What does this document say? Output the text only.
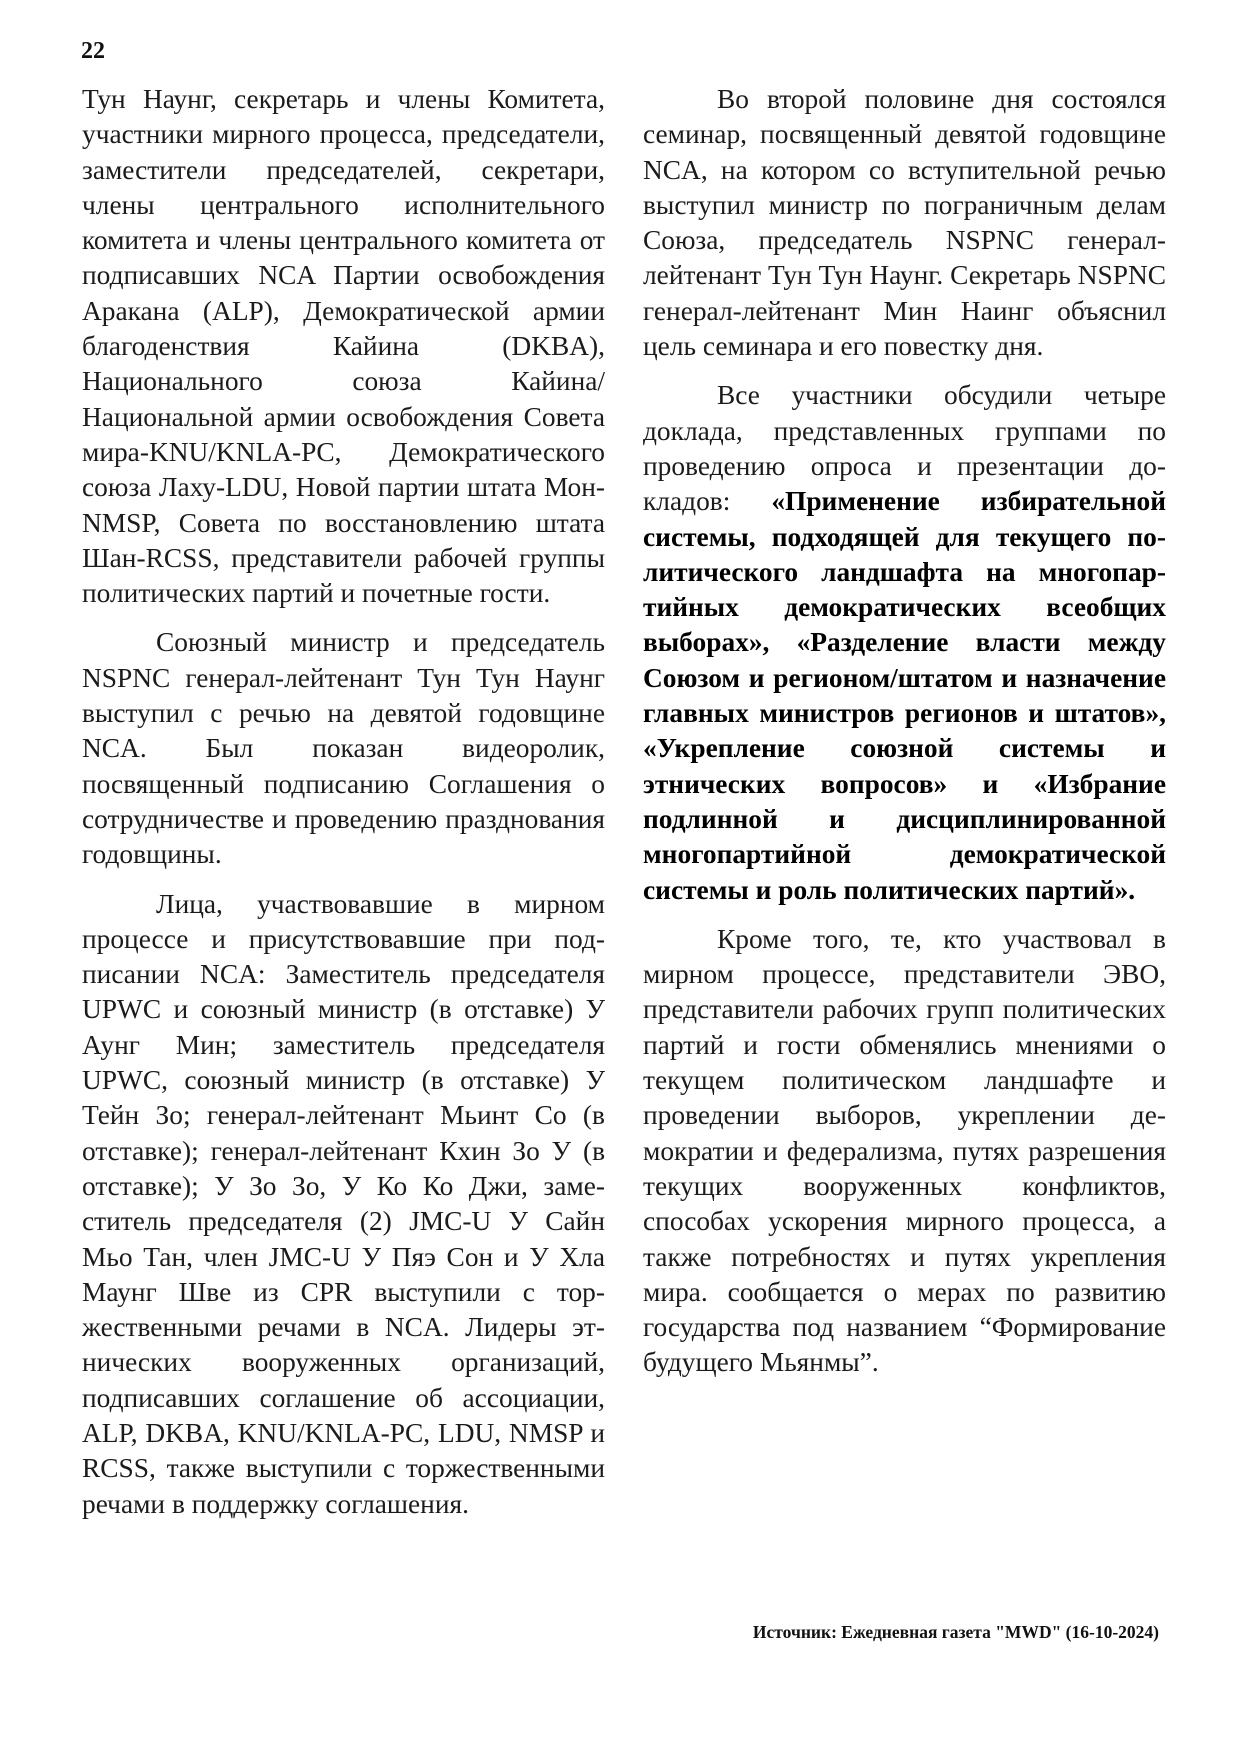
22

Тун Наунг, секретарь и члены Комитета, участники мирного процесса, председатели, заместители председателей, секретари, члены центрального исполнительного комитета и члены центрального комитета от подписавших NCA Партии освобождения Аракана (ALP), Демократической армии благоденствия Кайина (DKBA), Национального союза Кайина/ Национальной армии освобождения Совета мира-KNU/KNLA-PC, Демократического союза Лаху-LDU, Новой партии штата Мон-NMSP, Совета по восстановлению штата Шан-RCSS, представители рабочей группы политических партий и почетные гости.

Союзный министр и председатель NSPNC генерал-лейтенант Тун Тун Наунг выступил с речью на девятой годовщине NCA. Был показан видеоролик, посвященный подписанию Соглашения о сотрудничестве и проведению празднования годовщины.

Лица, участвовавшие в мирном процессе и присутствовавшие при подписании NCA: Заместитель председателя UPWC и союзный министр (в отставке) У Аунг Мин; заместитель председателя UPWC, союзный министр (в отставке) У Тейн Зо; генерал-лейтенант Мьинт Со (в отставке); генерал-лейтенант Кхин Зо У (в отставке); У Зо Зо, У Ко Ко Джи, заместитель председателя (2) JMC-U У Сайн Мьо Тан, член JMC-U У Пяэ Сон и У Хла Маунг Шве из CPR выступили с торжественными речами в NCA. Лидеры этнических вооруженных организаций, подписавших соглашение об ассоциации, ALP, DKBA, KNU/KNLA-PC, LDU, NMSP и RCSS, также выступили с торжественными речами в поддержку соглашения.

Во второй половине дня состоялся семинар, посвященный девятой годовщине NCA, на котором со вступительной речью выступил министр по пограничным делам Союза, председатель NSPNC генерал-лейтенант Тун Тун Наунг. Секретарь NSPNC генерал-лейтенант Мин Наинг объяснил цель семинара и его повестку дня.

Все участники обсудили четыре доклада, представленных группами по проведению опроса и презентации докладов: «Применение избирательной системы, подходящей для текущего политического ландшафта на многопартийных демократических всеобщих выборах», «Разделение власти между Союзом и регионом/штатом и назначение главных министров регионов и штатов», «Укрепление союзной системы и этнических вопросов» и «Избрание подлинной и дисциплинированной многопартийной демократической системы и роль политических партий».

Кроме того, те, кто участвовал в мирном процессе, представители ЭВО, представители рабочих групп политических партий и гости обменялись мнениями о текущем политическом ландшафте и проведении выборов, укреплении демократии и федерализма, путях разрешения текущих вооруженных конфликтов, способах ускорения мирного процесса, а также потребностях и путях укрепления мира. сообщается о мерах по развитию государства под названием “Формирование будущего Мьянмы”.

Источник: Ежедневная газета "MWD" (16-10-2024)
